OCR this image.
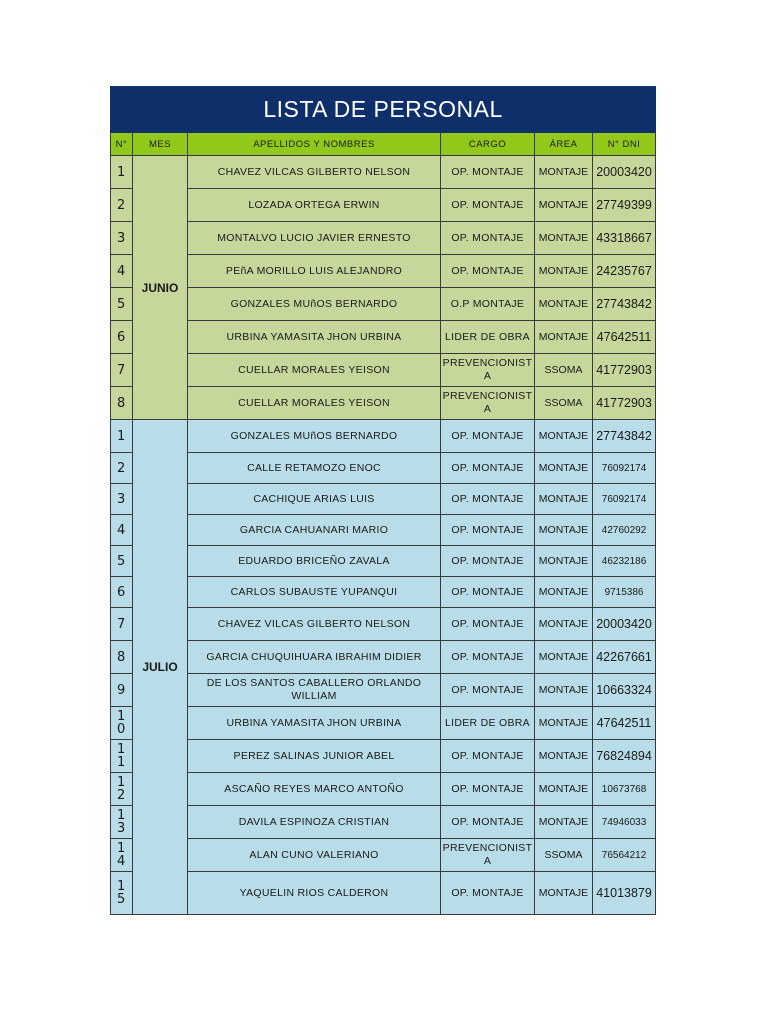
LISTA DE PERSONAL					
N°	MES	APELLIDOS Y NOMBRES	CARGO	ÁREA	N° DNI
1	JUNIO	CHAVEZ VILCAS GILBERTO NELSON	OP. MONTAJE	MONTAJE	20003420
2		LOZADA ORTEGA ERWIN	OP. MONTAJE	MONTAJE	27749399
3		MONTALVO LUCIO JAVIER ERNESTO	OP. MONTAJE	MONTAJE	43318667
4		PEñA MORILLO LUIS ALEJANDRO	OP. MONTAJE	MONTAJE	24235767
5		GONZALES MUñOS BERNARDO	O.P MONTAJE	MONTAJE	27743842
6		URBINA YAMASITA JHON URBINA	LIDER DE OBRA	MONTAJE	47642511
7		CUELLAR MORALES YEISON	PREVENCIONISTA	SSOMA	41772903
8		CUELLAR MORALES YEISON	PREVENCIONISTA	SSOMA	41772903
1	JULIO	GONZALES MUñOS BERNARDO	OP. MONTAJE	MONTAJE	27743842
2		CALLE RETAMOZO ENOC	OP. MONTAJE	MONTAJE	76092174
3		CACHIQUE ARIAS LUIS	OP. MONTAJE	MONTAJE	76092174
4		GARCIA CAHUANARI MARIO	OP. MONTAJE	MONTAJE	42760292
5		EDUARDO BRICEÑO ZAVALA	OP. MONTAJE	MONTAJE	46232186
6		CARLOS SUBAUSTE YUPANQUI	OP. MONTAJE	MONTAJE	9715386
7		CHAVEZ VILCAS GILBERTO NELSON	OP. MONTAJE	MONTAJE	20003420
8		GARCIA CHUQUIHUARA IBRAHIM DIDIER	OP. MONTAJE	MONTAJE	42267661
9		DE LOS SANTOS CABALLERO ORLANDO WILLIAM	OP. MONTAJE	MONTAJE	10663324
10		URBINA YAMASITA JHON URBINA	LIDER DE OBRA	MONTAJE	47642511
11		PEREZ SALINAS JUNIOR ABEL	OP. MONTAJE	MONTAJE	76824894
12		ASCAÑO REYES MARCO ANTOÑO	OP. MONTAJE	MONTAJE	10673768
13		DAVILA ESPINOZA CRISTIAN	OP. MONTAJE	MONTAJE	74946033
14		ALAN CUNO VALERIANO	PREVENCIONISTA	SSOMA	76564212
15		YAQUELIN RIOS CALDERON	OP. MONTAJE	MONTAJE	41013879
